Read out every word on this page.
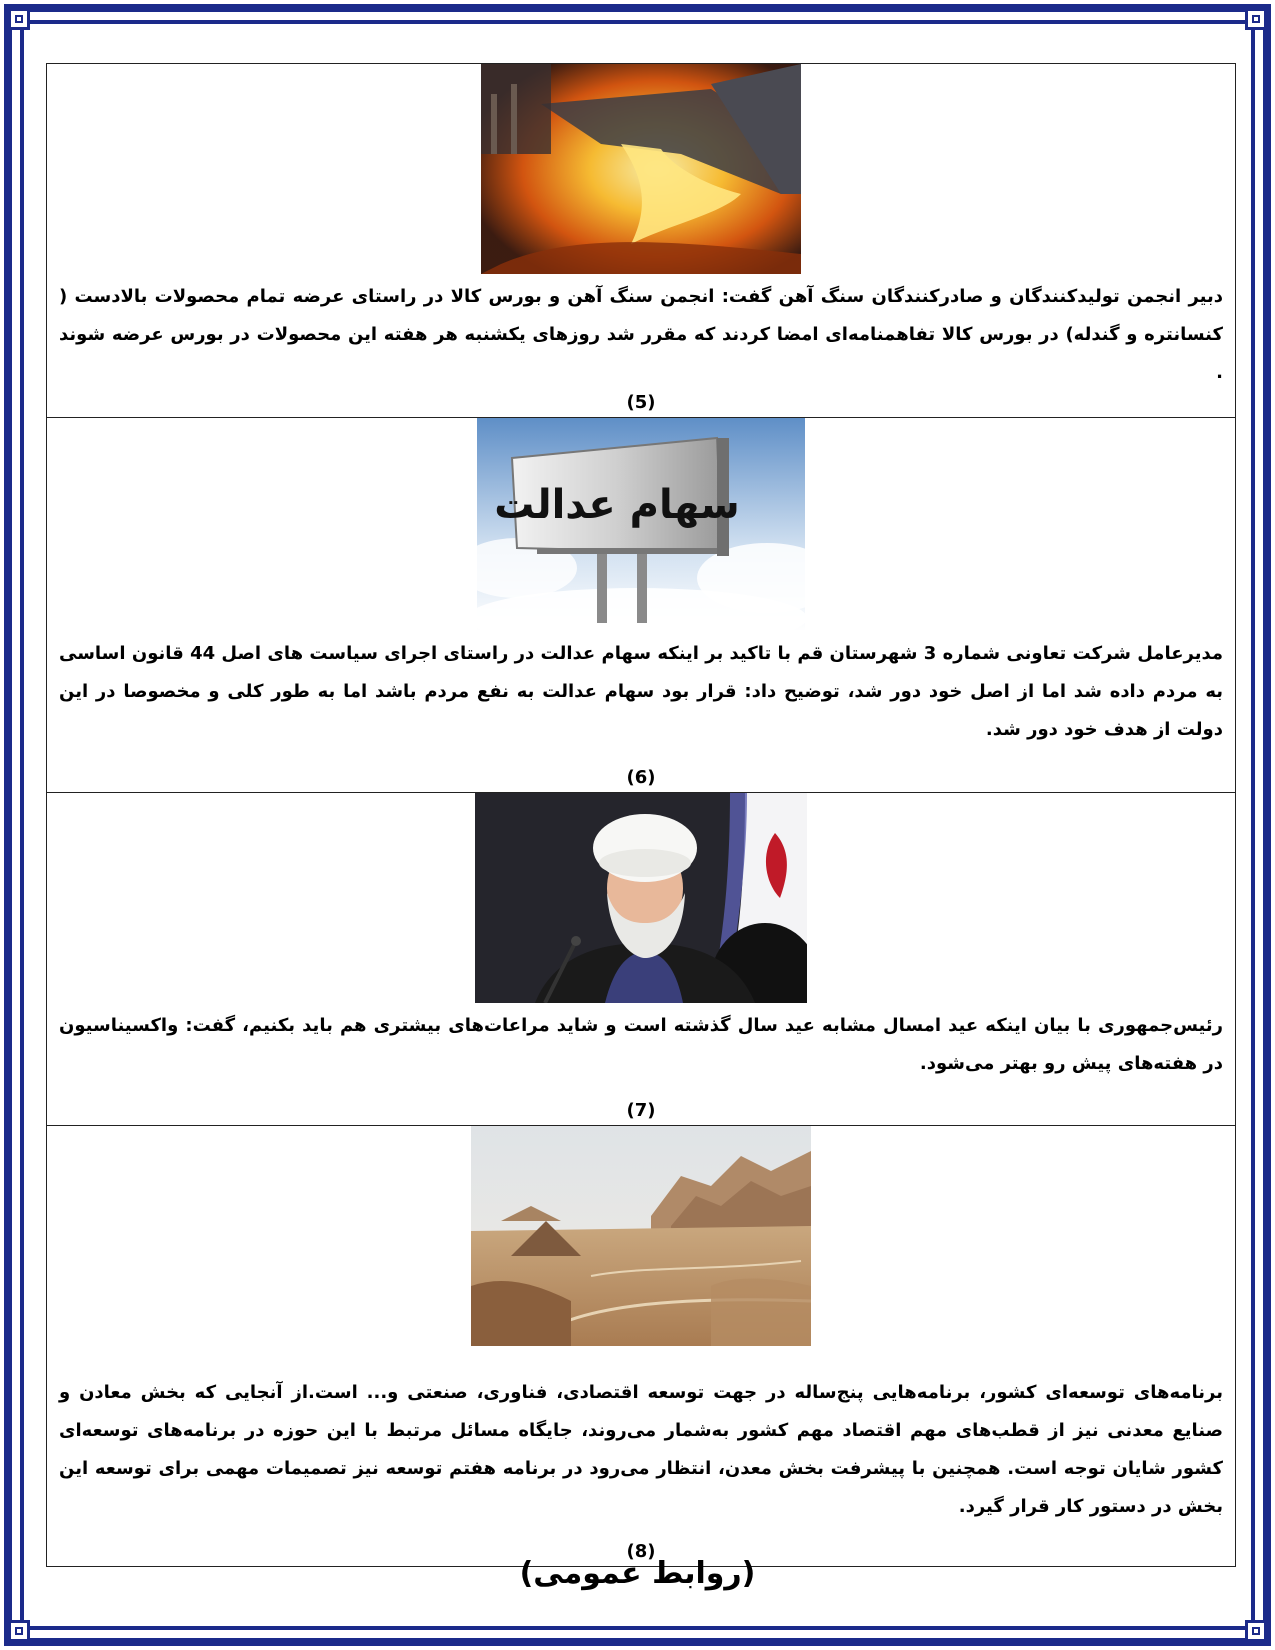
دبیر انجمن تولیدکنندگان و صادرکنندگان سنگ آهن گفت: انجمن سنگ آهن و بورس کالا در راستای عرضه تمام محصولات بالادست ( کنسانتره و گندله) در بورس کالا تفاهمنامه‌ای امضا کردند که مقرر شد روزهای یکشنبه هر هفته این محصولات در بورس عرضه شوند .

(5)

سهام عدالت

مدیرعامل شرکت تعاونی شماره 3 شهرستان قم با تاکید بر اینکه سهام عدالت در راستای اجرای سیاست های اصل 44 قانون اساسی به مردم داده شد اما از اصل خود دور شد، توضیح داد: قرار بود سهام عدالت به نفع مردم باشد اما به طور کلی و مخصوصا در این دولت از هدف خود دور شد.

(6)

رئیس‌جمهوری با بیان اینکه عید امسال مشابه عید سال گذشته است و شاید مراعات‌های بیشتری هم باید بکنیم، گفت: واکسیناسیون در هفته‌های پیش رو بهتر می‌شود.

(7)

برنامه‌های توسعه‌ای کشور، برنامه‌هایی پنج‌ساله در جهت توسعه اقتصادی، فناوری، صنعتی و... است.از آنجایی که بخش معادن و صنایع معدنی نیز از قطب‌های مهم اقتصاد مهم کشور به‌شمار می‌روند، جایگاه مسائل مرتبط با این حوزه در برنامه‌های توسعه‌ای کشور شایان توجه است. همچنین با پیشرفت بخش معدن، انتظار می‌رود در برنامه هفتم توسعه نیز تصمیمات مهمی برای توسعه این بخش در دستور کار قرار گیرد.

(8)
(روابط عمومی)
